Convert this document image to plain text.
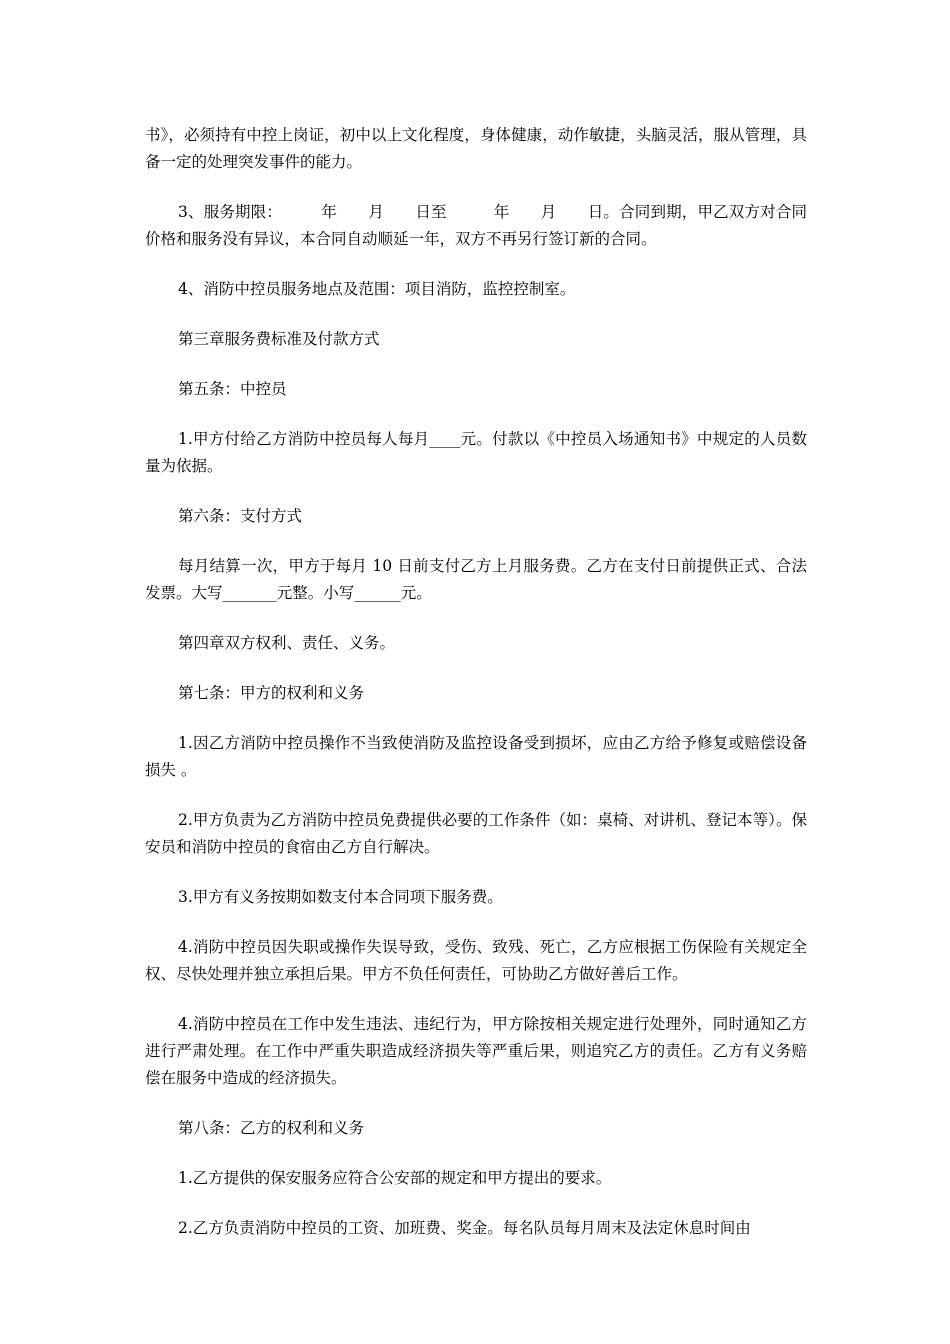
书》，必须持有中控上岗证，初中以上文化程度，身体健康，动作敏捷，头脑灵活，服从管理，具备一定的处理突发事件的能力。

3、服务期限：　　　年　　月　　日至　　　年　　月　　日。合同到期，甲乙双方对合同价格和服务没有异议，本合同自动顺延一年，双方不再另行签订新的合同。

4、消防中控员服务地点及范围：项目消防，监控控制室。

第三章服务费标准及付款方式

第五条：中控员

1.甲方付给乙方消防中控员每人每月____元。付款以《中控员入场通知书》中规定的人员数量为依据。

第六条：支付方式

每月结算一次，甲方于每月 10 日前支付乙方上月服务费。乙方在支付日前提供正式、合法发票。大写_______元整。小写______元。

第四章双方权利、责任、义务。

第七条：甲方的权利和义务

1.因乙方消防中控员操作不当致使消防及监控设备受到损坏，应由乙方给予修复或赔偿设备损失 。

2.甲方负责为乙方消防中控员免费提供必要的工作条件（如：桌椅、对讲机、登记本等）。保安员和消防中控员的食宿由乙方自行解决。

3.甲方有义务按期如数支付本合同项下服务费。

4.消防中控员因失职或操作失误导致，受伤、致残、死亡，乙方应根据工伤保险有关规定全权、尽快处理并独立承担后果。甲方不负任何责任，可协助乙方做好善后工作。

4.消防中控员在工作中发生违法、违纪行为，甲方除按相关规定进行处理外，同时通知乙方进行严肃处理。在工作中严重失职造成经济损失等严重后果，则追究乙方的责任。乙方有义务赔偿在服务中造成的经济损失。

第八条：乙方的权利和义务

1.乙方提供的保安服务应符合公安部的规定和甲方提出的要求。

2.乙方负责消防中控员的工资、加班费、奖金。每名队员每月周末及法定休息时间由
